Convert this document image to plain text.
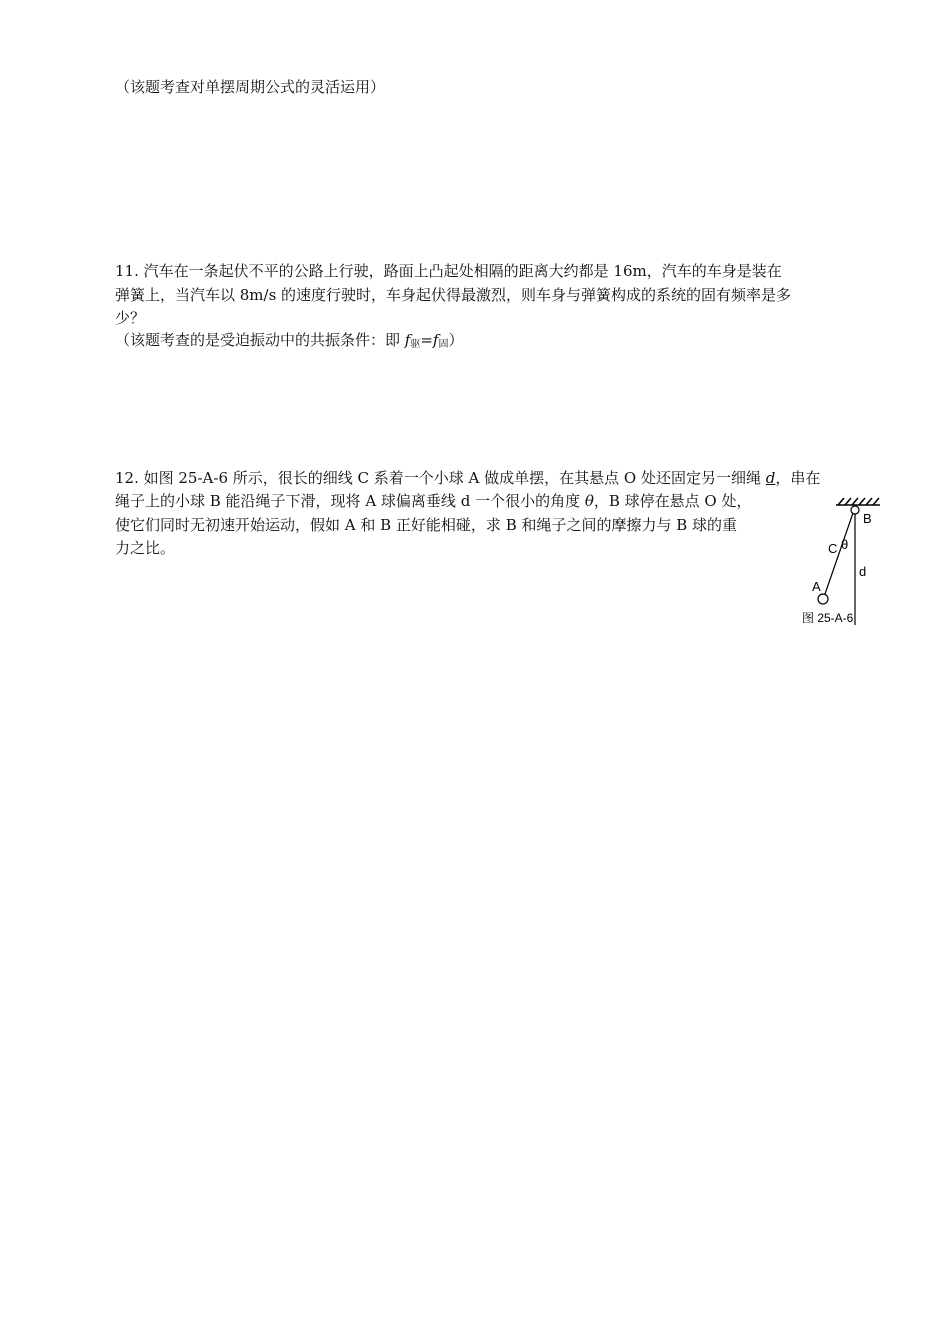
（该题考查对单摆周期公式的灵活运用）
11. 汽车在一条起伏不平的公路上行驶，路面上凸起处相隔的距离大约都是 16m，汽车的车身是装在
弹簧上，当汽车以 8m/s 的速度行驶时，车身起伏得最激烈，则车身与弹簧构成的系统的固有频率是多
少？
（该题考查的是受迫振动中的共振条件：即 $f_驱=f_固$）
12. 如图 25-A-6 所示，很长的细线 C 系着一个小球 A 做成单摆，在其悬点 O 处还固定另一细绳 d，串在
绳子上的小球 B 能沿绳子下滑，现将 A 球偏离垂线 d 一个很小的角度 θ，B 球停在悬点 O 处，
使它们同时无初速开始运动，假如 A 和 B 正好能相碰，求 B 和绳子之间的摩擦力与 B 球的重
力之比。
B
C θ
d
A
图 25-A-6
